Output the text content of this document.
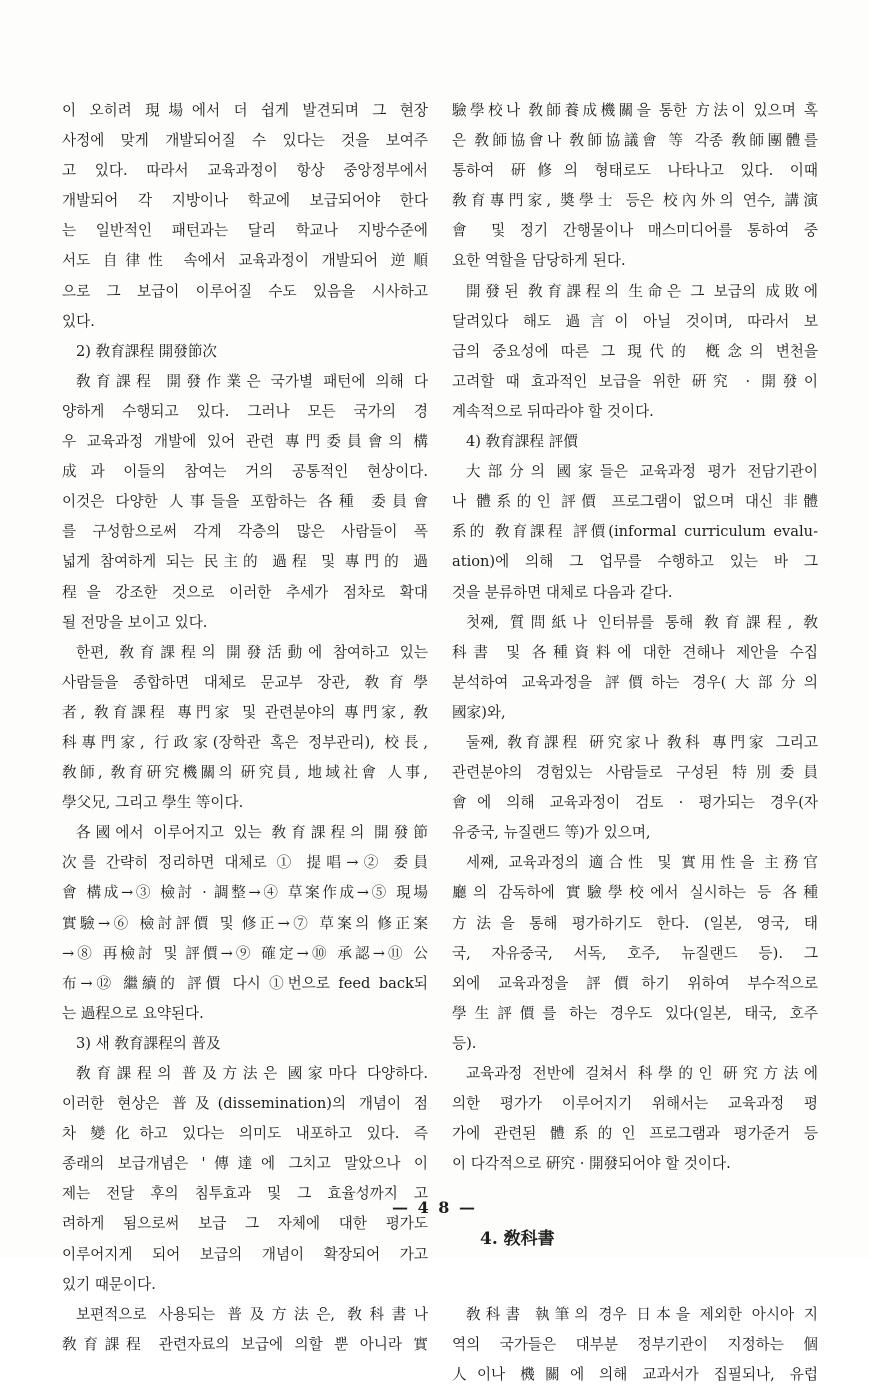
이 오히려 現場에서 더 쉽게 발견되며 그 현장
사정에 맞게 개발되어질 수 있다는 것을 보여주
고 있다. 따라서 교육과정이 항상 중앙정부에서
개발되어 각 지방이나 학교에 보급되어야 한다
는 일반적인 패턴과는 달리 학교나 지방수준에
서도 自律性 속에서 교육과정이 개발되어 逆順
으로 그 보급이 이루어질 수도 있음을 시사하고
있다.
2) 敎育課程 開發節次
敎育課程 開發作業은 국가별 패턴에 의해 다
양하게 수행되고 있다. 그러나 모든 국가의 경
우 교육과정 개발에 있어 관련 專門委員會의 構
成과 이들의 참여는 거의 공통적인 현상이다.
이것은 다양한 人事들을 포함하는 各種 委員會
를 구성함으로써 각계 각층의 많은 사람들이 폭
넓게 참여하게 되는 民主的 過程 및 專門的 過
程을 강조한 것으로 이러한 추세가 점차로 확대
될 전망을 보이고 있다.
한편, 敎育課程의 開發活動에 참여하고 있는
사람들을 종합하면 대체로 문교부 장관, 敎育學
者, 敎育課程 專門家 및 관련분야의 專門家, 敎
科專門家, 行政家(장학관 혹은 정부관리), 校長,
敎師, 敎育硏究機關의 硏究員, 地域社會 人事,
學父兄, 그리고 學生 等이다.
各國에서 이루어지고 있는 敎育課程의 開發節
次를 간략히 정리하면 대체로 ① 提唱→② 委員
會 構成→③ 檢討 · 調整→④ 草案作成→⑤ 現場
實驗→⑥ 檢討評價 및 修正→⑦ 草案의 修正案
→⑧ 再檢討 및 評價→⑨ 確定→⑩ 承認→⑪ 公
布→⑫ 繼續的 評價 다시 ①번으로 feed back되
는 過程으로 요약된다.
3) 새 敎育課程의 普及
敎育課程의 普及方法은 國家마다 다양하다.
이러한 현상은 普及(dissemination)의 개념이 점
차 變化하고 있다는 의미도 내포하고 있다. 즉
종래의 보급개념은 '傳達에 그치고 말았으나 이
제는 전달 후의 침투효과 및 그 효율성까지 고
려하게 됨으로써 보급 그 자체에 대한 평가도
이루어지게 되어 보급의 개념이 확장되어 가고
있기 때문이다.
보편적으로 사용되는 普及方法은, 敎科書나
敎育課程 관련자료의 보급에 의할 뿐 아니라 實
驗學校나 敎師養成機關을 통한 方法이 있으며 혹
은 敎師協會나 敎師協議會 等 각종 敎師團體를
통하여 硏修의 형태로도 나타나고 있다. 이때
敎育專門家, 奬學士 등은 校內外의 연수, 講演
會 및 정기 간행물이나 매스미디어를 통하여 중
요한 역할을 담당하게 된다.
開發된 敎育課程의 生命은 그 보급의 成敗에
달려있다 해도 過言이 아닐 것이며, 따라서 보
급의 중요성에 따른 그 現代的 槪念의 변천을
고려할 때 효과적인 보급을 위한 硏究 · 開發이
계속적으로 뒤따라야 할 것이다.
4) 敎育課程 評價
大部分의 國家들은 교육과정 평가 전담기관이
나 體系的인 評價 프로그램이 없으며 대신 非體
系的 敎育課程 評價(informal curriculum evalu-
ation)에 의해 그 업무를 수행하고 있는 바 그
것을 분류하면 대체로 다음과 같다.
첫째, 質問紙나 인터뷰를 통해 敎育課程, 敎
科書 및 各種資料에 대한 견해나 제안을 수집
분석하여 교육과정을 評價하는 경우(大部分의
國家)와,
둘째, 敎育課程 硏究家나 敎科 專門家 그리고
관련분야의 경험있는 사람들로 구성된 特別委員
會에 의해 교육과정이 검토 · 평가되는 경우(자
유중국, 뉴질랜드 等)가 있으며,
세째, 교육과정의 適合性 및 實用性을 主務官
廳의 감독하에 實驗學校에서 실시하는 등 各種
方法을 통해 평가하기도 한다. (일본, 영국, 태
국, 자유중국, 서독, 호주, 뉴질랜드 등). 그
외에 교육과정을 評價하기 위하여 부수적으로
學生評價를 하는 경우도 있다(일본, 태국, 호주
등).
교육과정 전반에 걸쳐서 科學的인 硏究方法에
의한 평가가 이루어지기 위해서는 교육과정 평
가에 관련된 體系的인 프로그램과 평가준거 등
이 다각적으로 硏究 · 開發되어야 할 것이다.
4. 敎科書
敎科書 執筆의 경우 日本을 제외한 아시아 지
역의 국가들은 대부분 정부기관이 지정하는 個
人이나 機關에 의해 교과서가 집필되나, 유럽
— 4 8 —
